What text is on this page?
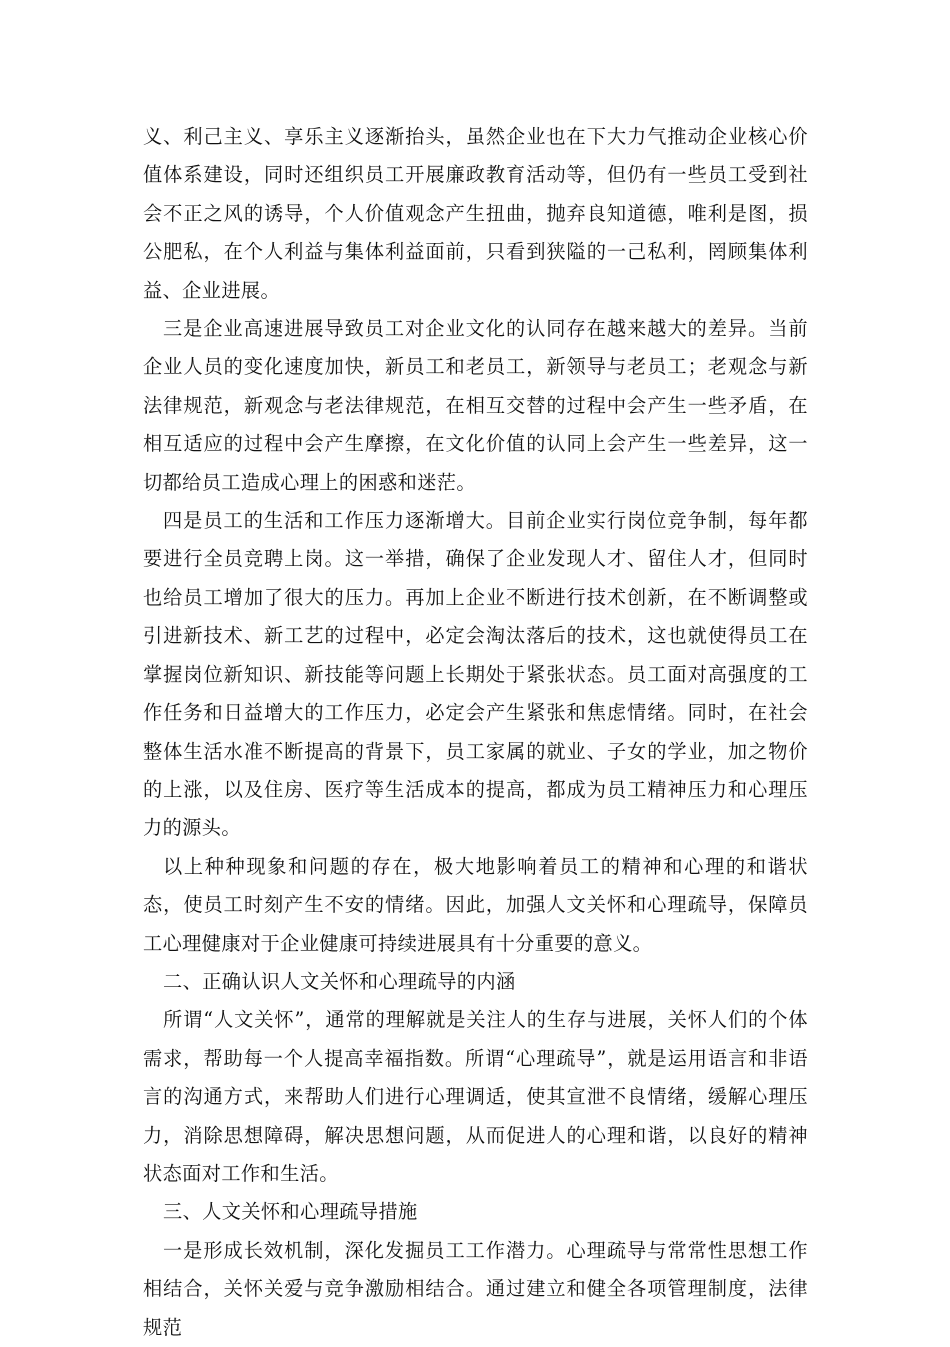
义、利己主义、享乐主义逐渐抬头，虽然企业也在下大力气推动企业核心价值体系建设，同时还组织员工开展廉政教育活动等，但仍有一些员工受到社会不正之风的诱导，个人价值观念产生扭曲，抛弃良知道德，唯利是图，损公肥私，在个人利益与集体利益面前，只看到狭隘的一己私利，罔顾集体利益、企业进展。

三是企业高速进展导致员工对企业文化的认同存在越来越大的差异。当前企业人员的变化速度加快，新员工和老员工，新领导与老员工；老观念与新法律规范，新观念与老法律规范，在相互交替的过程中会产生一些矛盾，在相互适应的过程中会产生摩擦，在文化价值的认同上会产生一些差异，这一切都给员工造成心理上的困惑和迷茫。

四是员工的生活和工作压力逐渐增大。目前企业实行岗位竞争制，每年都要进行全员竞聘上岗。这一举措，确保了企业发现人才、留住人才，但同时也给员工增加了很大的压力。再加上企业不断进行技术创新，在不断调整或引进新技术、新工艺的过程中，必定会淘汰落后的技术，这也就使得员工在掌握岗位新知识、新技能等问题上长期处于紧张状态。员工面对高强度的工作任务和日益增大的工作压力，必定会产生紧张和焦虑情绪。同时，在社会整体生活水准不断提高的背景下，员工家属的就业、子女的学业，加之物价的上涨，以及住房、医疗等生活成本的提高，都成为员工精神压力和心理压力的源头。

以上种种现象和问题的存在，极大地影响着员工的精神和心理的和谐状态，使员工时刻产生不安的情绪。因此，加强人文关怀和心理疏导，保障员工心理健康对于企业健康可持续进展具有十分重要的意义。

二、正确认识人文关怀和心理疏导的内涵

所谓“人文关怀”，通常的理解就是关注人的生存与进展，关怀人们的个体需求，帮助每一个人提高幸福指数。所谓“心理疏导”，就是运用语言和非语言的沟通方式，来帮助人们进行心理调适，使其宣泄不良情绪，缓解心理压力，消除思想障碍，解决思想问题，从而促进人的心理和谐，以良好的精神状态面对工作和生活。

三、人文关怀和心理疏导措施

一是形成长效机制，深化发掘员工工作潜力。心理疏导与常常性思想工作相结合，关怀关爱与竞争激励相结合。通过建立和健全各项管理制度，法律规范
